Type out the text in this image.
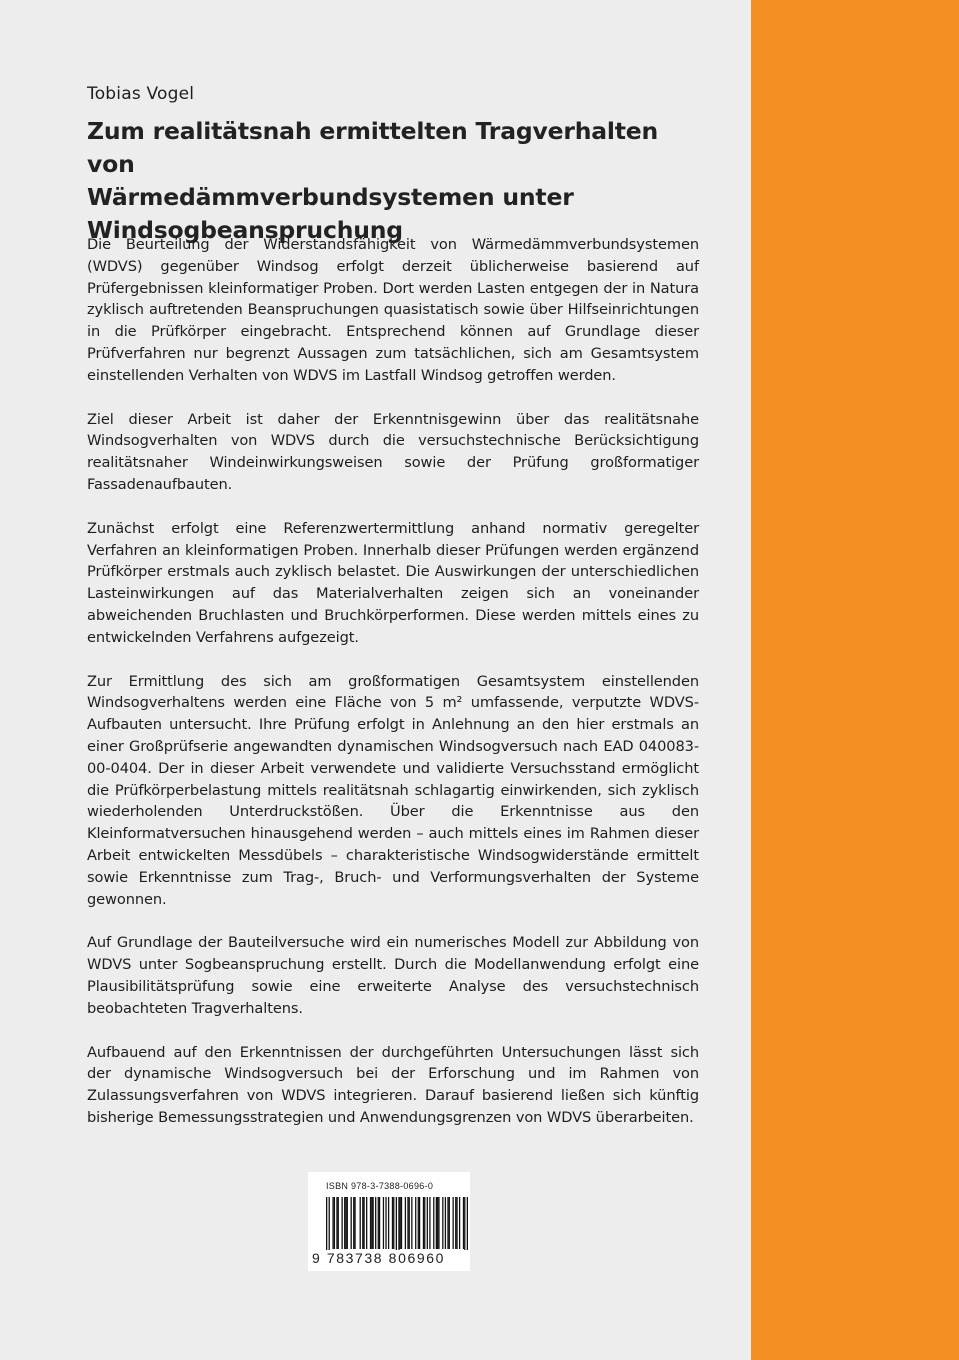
Tobias Vogel
Zum realitätsnah ermittelten Tragverhalten von
Wärmedämmverbundsystemen unter
Windsogbeanspruchung

Die Beurteilung der Widerstandsfähigkeit von Wärmedämmverbundsystemen (WDVS) gegenüber Windsog erfolgt derzeit üblicherweise basierend auf Prüfergebnissen kleinformatiger Proben. Dort werden Lasten entgegen der in Natura zyklisch auftretenden Beanspruchungen quasistatisch sowie über Hilfseinrichtungen in die Prüfkörper eingebracht. Entsprechend können auf Grundlage dieser Prüfverfahren nur begrenzt Aussagen zum tatsächlichen, sich am Gesamtsystem einstellenden Verhalten von WDVS im Lastfall Windsog getroffen werden.

Ziel dieser Arbeit ist daher der Erkenntnisgewinn über das realitätsnahe Windsogverhalten von WDVS durch die versuchstechnische Berücksichtigung realitätsnaher Windeinwirkungsweisen sowie der Prüfung großformatiger Fassadenaufbauten.

Zunächst erfolgt eine Referenzwertermittlung anhand normativ geregelter Verfahren an kleinformatigen Proben. Innerhalb dieser Prüfungen werden ergänzend Prüfkörper erstmals auch zyklisch belastet. Die Auswirkungen der unterschiedlichen Lasteinwirkungen auf das Materialverhalten zeigen sich an voneinander abweichenden Bruchlasten und Bruchkörperformen. Diese werden mittels eines zu entwickelnden Verfahrens aufgezeigt.

Zur Ermittlung des sich am großformatigen Gesamtsystem einstellenden Windsogverhaltens werden eine Fläche von 5 m² umfassende, verputzte WDVS-Aufbauten untersucht. Ihre Prüfung erfolgt in Anlehnung an den hier erstmals an einer Großprüfserie angewandten dynamischen Windsogversuch nach EAD 040083-00-0404. Der in dieser Arbeit verwendete und validierte Versuchsstand ermöglicht die Prüfkörperbelastung mittels realitätsnah schlagartig einwirkenden, sich zyklisch wiederholenden Unterdruckstößen. Über die Erkenntnisse aus den Kleinformatversuchen hinausgehend werden – auch mittels eines im Rahmen dieser Arbeit entwickelten Messdübels – charakteristische Windsogwiderstände ermittelt sowie Erkenntnisse zum Trag-, Bruch- und Verformungsverhalten der Systeme gewonnen.

Auf Grundlage der Bauteilversuche wird ein numerisches Modell zur Abbildung von WDVS unter Sogbeanspruchung erstellt. Durch die Modellanwendung erfolgt eine Plausibilitätsprüfung sowie eine erweiterte Analyse des versuchstechnisch beobachteten Tragverhaltens.

Aufbauend auf den Erkenntnissen der durchgeführten Untersuchungen lässt sich der dynamische Windsogversuch bei der Erforschung und im Rahmen von Zulassungsverfahren von WDVS integrieren. Darauf basierend ließen sich künftig bisherige Bemessungsstrategien und Anwendungsgrenzen von WDVS überarbeiten.

ISBN 978-3-7388-0696-0
9 783738 806960
